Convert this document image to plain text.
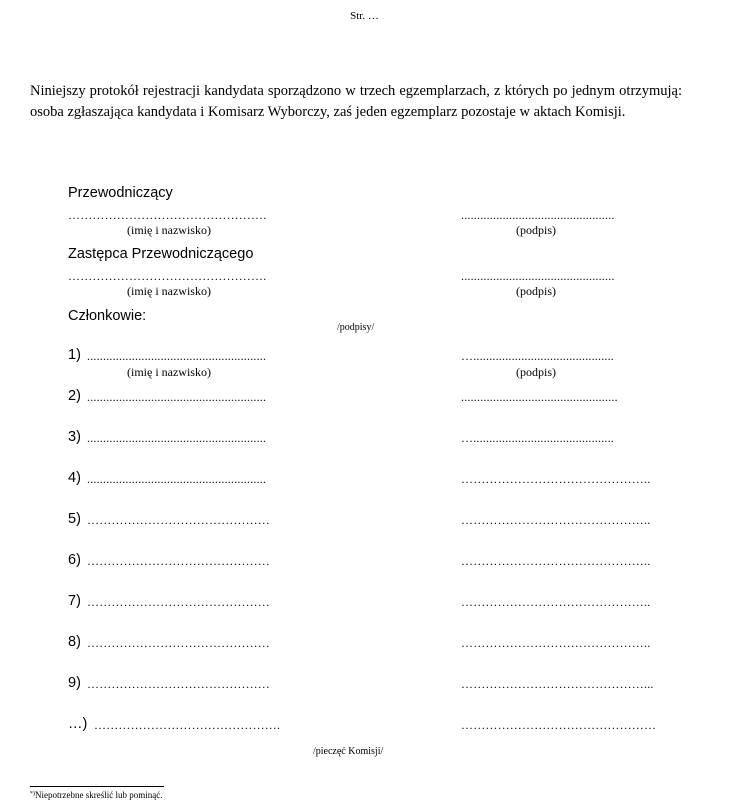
Str. …
Niniejszy protokół rejestracji kandydata sporządzono w trzech egzemplarzach, z których po jednym otrzymują: osoba zgłaszająca kandydata i Komisarz Wyborczy, zaś jeden egzemplarz pozostaje w aktach Komisji.
Przewodniczący
………………………………………….	................................................
(imię i nazwisko)	(podpis)
Zastępca Przewodniczącego
………………………………………….	................................................
(imię i nazwisko)	(podpis)
Członkowie:
/podpisy/
1) ........................................................	…............................................
2) ........................................................	.................................................
3) ........................................................	…............................................
4) ........................................................	………………………………………..
5) ………………………………………	………………………………………..
6) ………………………………………	………………………………………..
7) ………………………………………	………………………………………..
8) ………………………………………	………………………………………..
9) ………………………………………	………………………………………...
…) ……………………………………….	…………………………………………
(imię i nazwisko)	(podpis)
/pieczęć Komisji/
*)Niepotrzebne skreślić lub pominąć.
